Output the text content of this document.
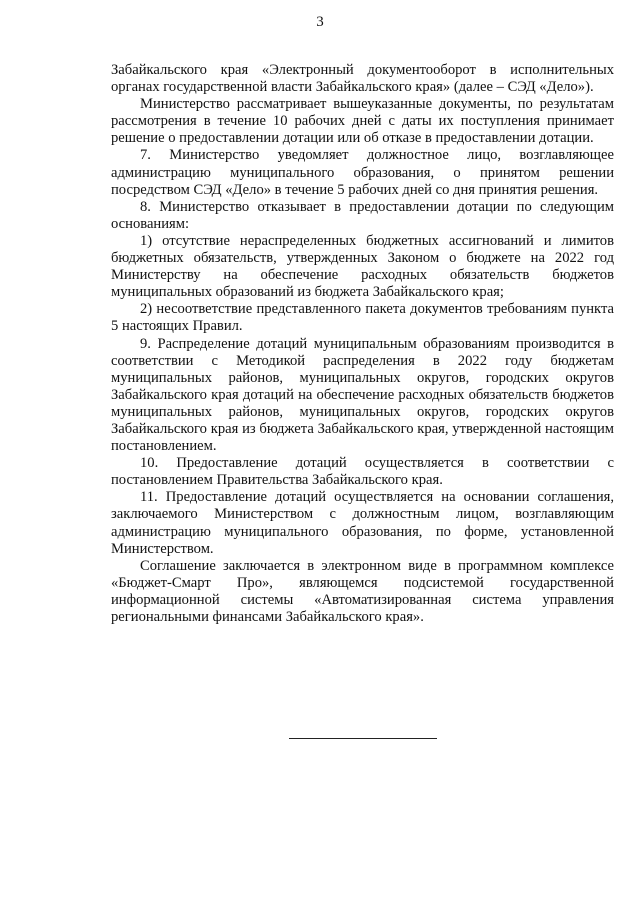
3

Забайкальского края «Электронный документооборот в исполнительных органах государственной власти Забайкальского края» (далее – СЭД «Дело»).

Министерство рассматривает вышеуказанные документы, по результатам рассмотрения в течение 10 рабочих дней с даты их поступления принимает решение о предоставлении дотации или об отказе в предоставлении дотации.

7. Министерство уведомляет должностное лицо, возглавляющее администрацию муниципального образования, о принятом решении посредством СЭД «Дело» в течение 5 рабочих дней со дня принятия решения.

8. Министерство отказывает в предоставлении дотации по следующим основаниям:

1) отсутствие нераспределенных бюджетных ассигнований и лимитов бюджетных обязательств, утвержденных Законом о бюджете на 2022 год Министерству на обеспечение расходных обязательств бюджетов муниципальных образований из бюджета Забайкальского края;

2) несоответствие представленного пакета документов требованиям пункта 5 настоящих Правил.

9. Распределение дотаций муниципальным образованиям производится в соответствии с Методикой распределения в 2022 году бюджетам муниципальных районов, муниципальных округов, городских округов Забайкальского края дотаций на обеспечение расходных обязательств бюджетов муниципальных районов, муниципальных округов, городских округов Забайкальского края из бюджета Забайкальского края, утвержденной настоящим постановлением.

10. Предоставление дотаций осуществляется в соответствии с постановлением Правительства Забайкальского края.

11. Предоставление дотаций осуществляется на основании соглашения, заключаемого Министерством с должностным лицом, возглавляющим администрацию муниципального образования, по форме, установленной Министерством.

Соглашение заключается в электронном виде в программном комплексе «Бюджет-Смарт Про», являющемся подсистемой государственной информационной системы «Автоматизированная система управления региональными финансами Забайкальского края».
